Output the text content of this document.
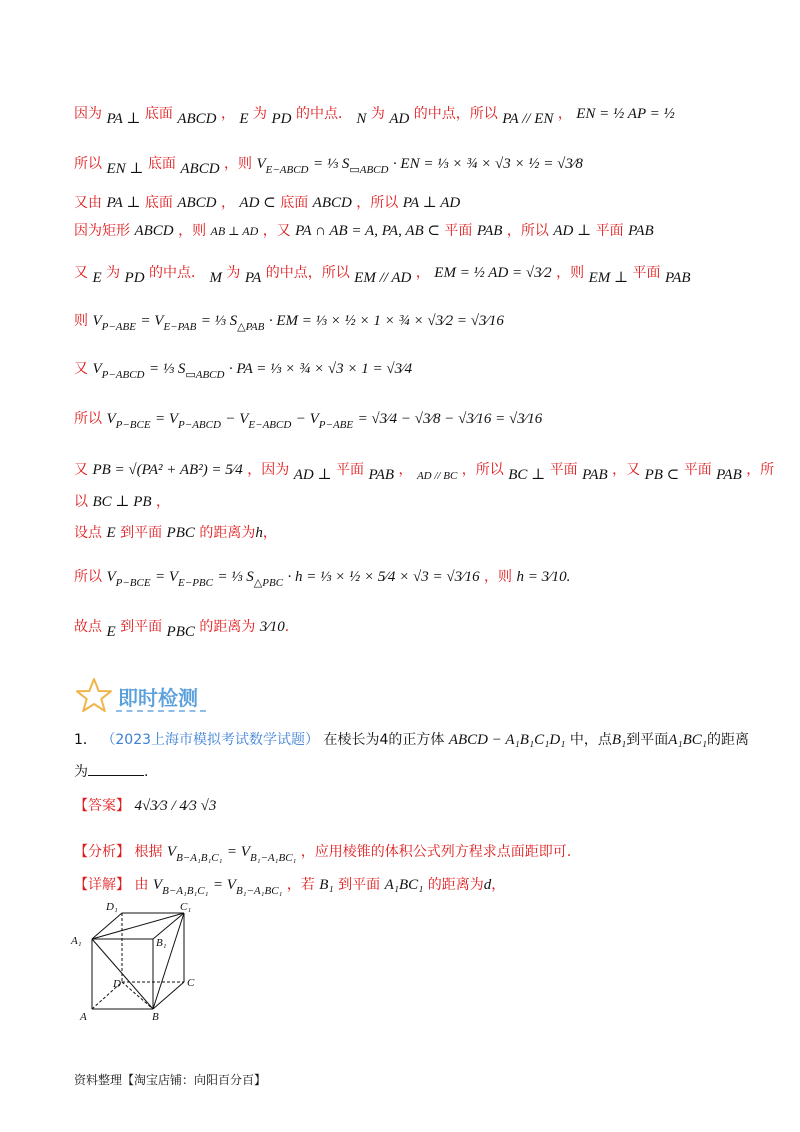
因为 PA ⊥ 底面 ABCD ， E 为 PD 的中点． N 为 AD 的中点，所以 PA // EN ， EN = ½ AP = ½
所以 EN ⊥ 底面 ABCD ，则 $V_{E-ABCD}$ = ⅓ $S_{▭ABCD}$ · EN = ⅓ × ¾ × √3 × ½ = √3⁄8
又由 PA ⊥ 底面 ABCD ， AD ⊂ 底面 ABCD ，所以 PA ⊥ AD
因为矩形 ABCD ，则 AB ⊥ AD ，又 PA ∩ AB = A, PA, AB ⊂ 平面 PAB ，所以 AD ⊥ 平面 PAB
又 E 为 PD 的中点． M 为 PA 的中点，所以 EM // AD ， EM = ½ AD = √3⁄2 ，则 EM ⊥ 平面 PAB
则 $V_{P-ABE} = V_{E-PAB}$ = ⅓ $S_{\triangle PAB}$ · EM = ⅓ × ½ × 1 × ¾ × √3⁄2 = √3⁄16
又 $V_{P-ABCD}$ = ⅓ $S_{▭ABCD}$ · PA = ⅓ × ¾ × √3 × 1 = √3⁄4
所以 $V_{P-BCE} = V_{P-ABCD} - V_{E-ABCD} - V_{P-ABE}$ = √3⁄4 − √3⁄8 − √3⁄16 = √3⁄16
又 PB = √(PA² + AB²) = 5⁄4 ，因为 AD ⊥ 平面 PAB ， $_{AD // BC}$ ，所以 BC ⊥ 平面 PAB ，又 PB ⊂ 平面 PAB ，所
以 BC ⊥ PB ，
设点 E 到平面 PBC 的距离为h，
所以 $V_{P-BCE} = V_{E-PBC}$ = ⅓ $S_{\triangle PBC} \cdot h$ = ⅓ × ½ × 5⁄4 × √3 = √3⁄16 ，则 h = 3⁄10.
故点 E 到平面 PBC 的距离为 3⁄10.
即时检测
1． （2023上海市模拟考试数学试题） 在棱长为4的正方体 ABCD − A₁B₁C₁D₁ 中，点B₁到平面A₁BC₁的距离
为	.
【答案】 4√3⁄3 / 4⁄3 √3
【分析】 根据 $V_{B-A_1B_1C_1} = V_{B_1-A_1BC_1}$ ，应用棱锥的体积公式列方程求点面距即可.
【详解】 由 $V_{B-A_1B_1C_1} = V_{B_1-A_1BC_1}$ ，若 B₁ 到平面 A₁BC₁ 的距离为d，
D₁	C₁
A₁	B₁
D	C
A	B
资料整理【淘宝店铺：向阳百分百】
